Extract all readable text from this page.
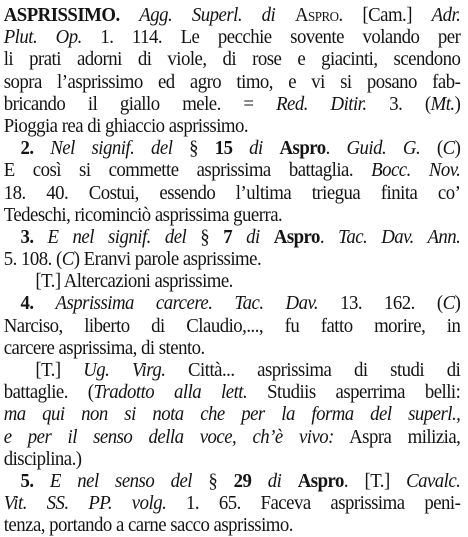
ASPRISSIMO. Agg. Superl. di Aspro. [Cam.] Adr.
Plut. Op. 1. 114. Le pecchie sovente volando per
li prati adorni di viole, di rose e giacinti, scendono
sopra l’asprissimo ed agro timo, e vi si posano fab-
bricando il giallo mele. = Red. Ditir. 3. (Mt.)
Pioggia rea di ghiaccio asprissimo.
2. Nel signif. del § 15 di Aspro. Guid. G. (C)
E così si commette asprissima battaglia. Bocc. Nov.
18. 40. Costui, essendo l’ultima triegua finita co’
Tedeschi, ricominciò asprissima guerra.
3. E nel signif. del § 7 di Aspro. Tac. Dav. Ann.
5. 108. (C) Eranvi parole asprissime.
[T.] Altercazioni asprissime.
4. Asprissima carcere. Tac. Dav. 13. 162. (C)
Narciso, liberto di Claudio,..., fu fatto morire, in
carcere asprissima, di stento.
[T.] Ug. Virg. Città... asprissima di studi di
battaglie. (Tradotto alla lett. Studiis asperrima belli:
ma qui non si nota che per la forma del superl.,
e per il senso della voce, ch’è vivo: Aspra milizia,
disciplina.)
5. E nel senso del § 29 di Aspro. [T.] Cavalc.
Vit. SS. PP. volg. 1. 65. Faceva asprissima peni-
tenza, portando a carne sacco asprissimo.
